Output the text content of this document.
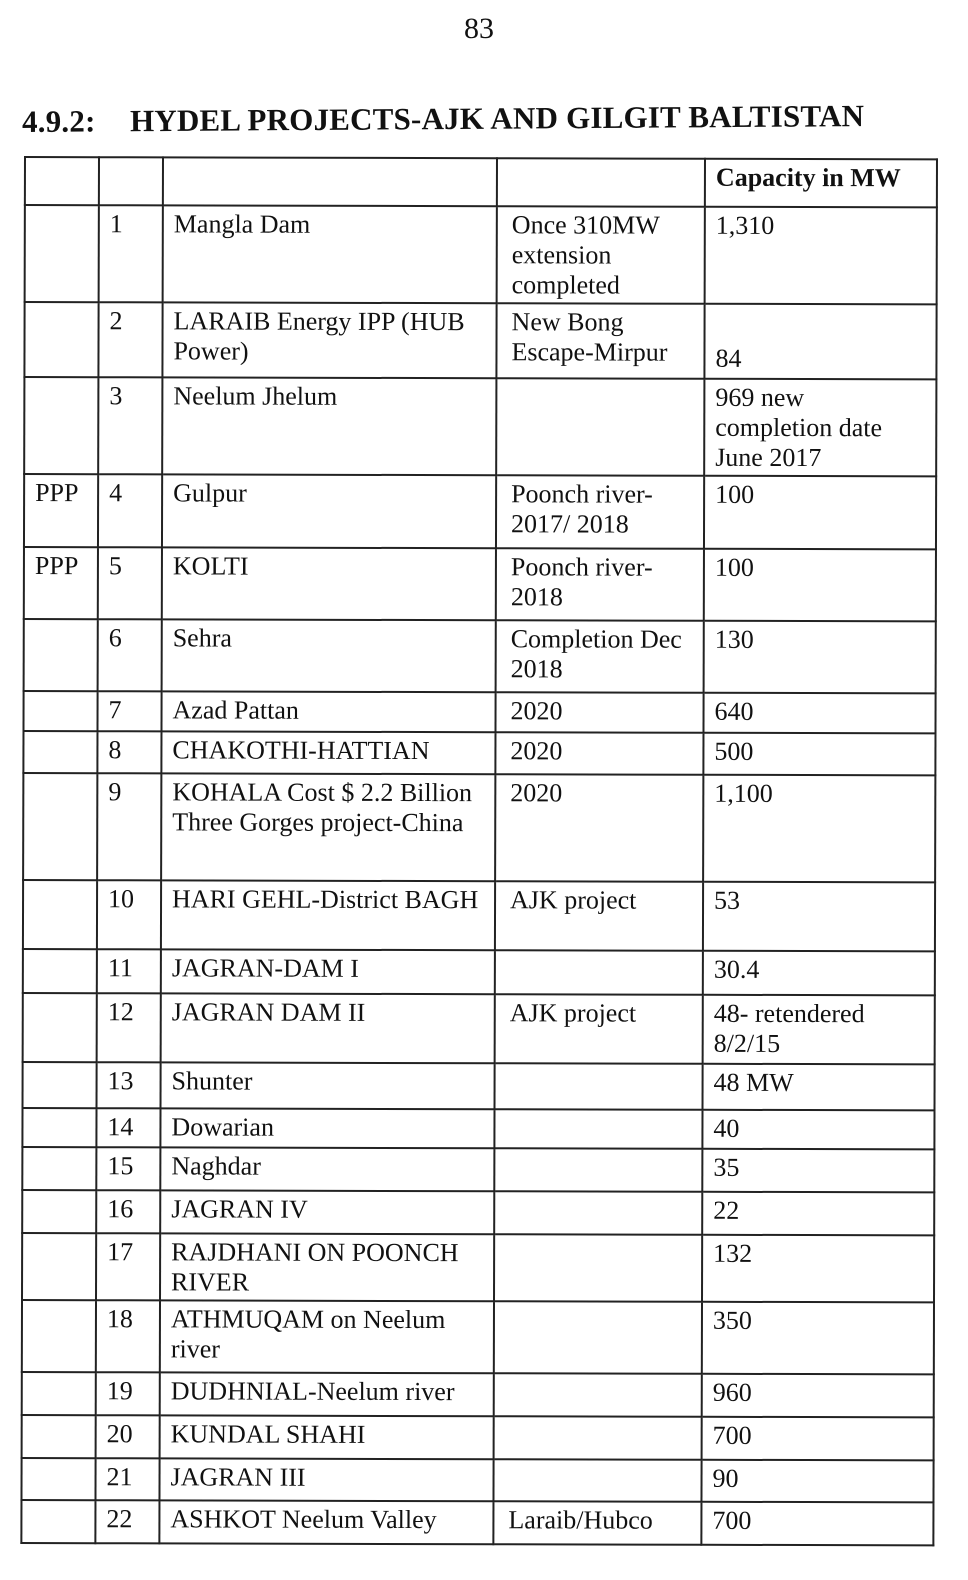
83
4.9.2: HYDEL PROJECTS-AJK AND GILGIT BALTISTAN
				Capacity in MW
	1	Mangla Dam	Once 310MW extension completed	1,310
	2	LARAIB Energy IPP (HUB Power)	New Bong Escape-Mirpur	84
	3	Neelum Jhelum		969 new completion date June 2017
PPP	4	Gulpur	Poonch river-2017/ 2018	100
PPP	5	KOLTI	Poonch river-2018	100
	6	Sehra	Completion Dec 2018	130
	7	Azad Pattan	2020	640
	8	CHAKOTHI-HATTIAN	2020	500
	9	KOHALA Cost $ 2.2 Billion Three Gorges project-China	2020	1,100
	10	HARI GEHL-District BAGH	AJK project	53
	11	JAGRAN-DAM I		30.4
	12	JAGRAN DAM II	AJK project	48- retendered 8/2/15
	13	Shunter		48 MW
	14	Dowarian		40
	15	Naghdar		35
	16	JAGRAN IV		22
	17	RAJDHANI ON POONCH RIVER		132
	18	ATHMUQAM on Neelum river		350
	19	DUDHNIAL-Neelum river		960
	20	KUNDAL SHAHI		700
	21	JAGRAN III		90
	22	ASHKOT Neelum Valley	Laraib/Hubco	700
